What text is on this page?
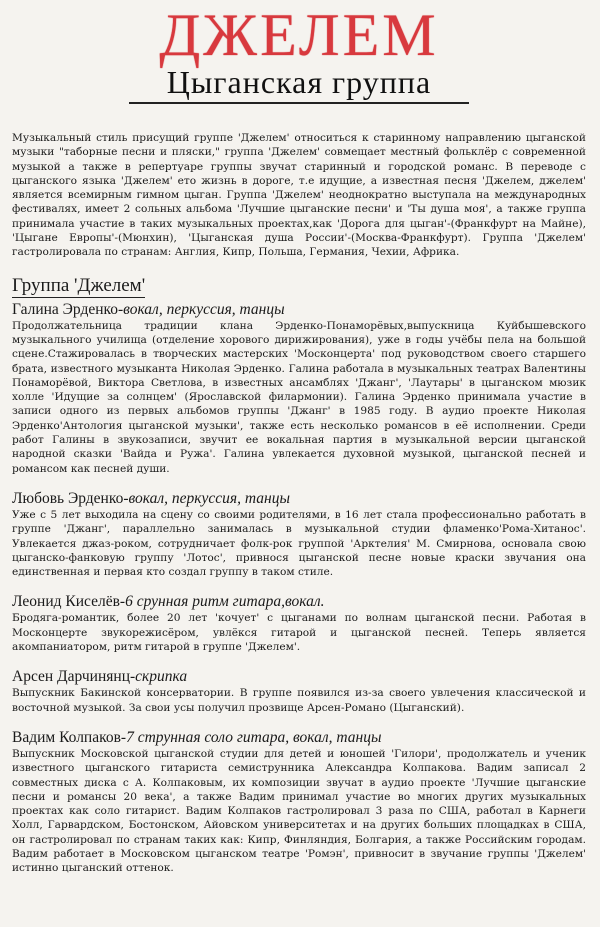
ДЖЕЛЕМ
Цыганская группа

Музыкальный стиль присущий группе 'Джелем' относиться к старинному направлению цыганской музыки "таборные песни и пляски," группа 'Джелем' совмещает местный фольклёр с современной музыкой а также в репертуаре группы звучат старинный и городской романс. В переводе с цыганского языка 'Джелем' ето жизнь в дороге, т.е идущие, а известная песня 'Джелем, джелем' является всемирным гимном цыган. Группа 'Джелем' неоднократно выступала на международных фестивалях, имеет 2 сольных альбома 'Лучшие цыганские песни' и 'Ты душа моя', а также группа принимала участие в таких музыкальных проектах,как 'Дорога для цыган'-(Франкфурт на Майне), 'Цыгане Европы'-(Мюнхин), 'Цыганская душа России'-(Москва-Франкфурт). Группа 'Джелем' гастролировала по странам: Англия, Кипр, Польша, Германия, Чехии, Африка.

Группа 'Джелем'
Галина Эрденко-вокал, перкуссия, танцы

Продолжательница традиции клана Эрденко-Понаморёвых,выпускница Куйбышевского музыкального училища (отделение хорового дирижирования), уже в годы учёбы пела на большой сцене.Стажировалась в творческих мастерских 'Москонцерта' под руководством своего старшего брата, известного музыканта Николая Эрденко. Галина работала в музыкальных театрах Валентины Понаморёвой, Виктора Светлова, в известных ансамблях 'Джанг', 'Лаутары' в цыганском мюзик холле 'Идущие за солнцем' (Ярославской филармонии). Галина Эрденко принимала участие в записи одного из первых альбомов группы 'Джанг' в 1985 году. В аудио проекте Николая Эрденко'Антология цыганской музыки', также есть несколько романсов в её исполнении. Среди работ Галины в звукозаписи, звучит ее вокальная партия в музыкальной версии цыганской народной сказки 'Вайда и Ружа'. Галина увлекается духовной музыкой, цыганской песней и романсом как песней души.

Любовь Эрденко-вокал, перкуссия, танцы

Уже с 5 лет выходила на сцену со своими родителями, в 16 лет стала профессионально работать в группе 'Джанг', параллельно занималась в музыкальной студии фламенко'Рома-Хитанос'. Увлекается джаз-роком, сотрудничает фолк-рок группой 'Арктелия' М. Смирнова, основала свою цыганско-фанковую группу 'Лотос', привнося цыганской песне новые краски звучания она единственная и первая кто создал группу в таком стиле.

Леонид Киселёв-6 срунная ритм гитара,вокал.

Бродяга-романтик, более 20 лет 'кочует' с цыганами по волнам цыганской песни. Работая в Москонцерте звукорежиcёром, увлёкся гитарой и цыганской песней. Теперь является акомпаниатором, ритм гитарой в группе 'Джелем'.

Арсен Дарчинянц-скрипка

Выпускник Бакинской консерватории. В группе появился из-за своего увлечения классической и восточной музыкой. За свои усы получил прозвище Арсен-Романо (Цыганский).

Вадим Колпаков-7 струнная соло гитара, вокал, танцы

Выпускник Московской цыганской студии для детей и юношей 'Гилори', продолжатель и ученик известного цыганского гитариста семиструнника Александра Колпакова. Вадим записал 2 совместных диска с А. Колпаковым, их композиции звучат в аудио проекте 'Лучшие цыганские песни и романсы 20 века', а также Вадим принимал участие во многих других музыкальных проектах как соло гитарист. Вадим Колпаков гастролировал 3 раза по США, работал в Карнеги Холл, Гарвардском, Бостонском, Айовском университетах и на других больших площадках в США, он гастролировал по странам таких как: Кипр, Финляндия, Болгария, а также Российским городам. Вадим работает в Московском цыганском театре 'Ромэн', привносит в звучание группы 'Джелем' истинно цыганский оттенок.
